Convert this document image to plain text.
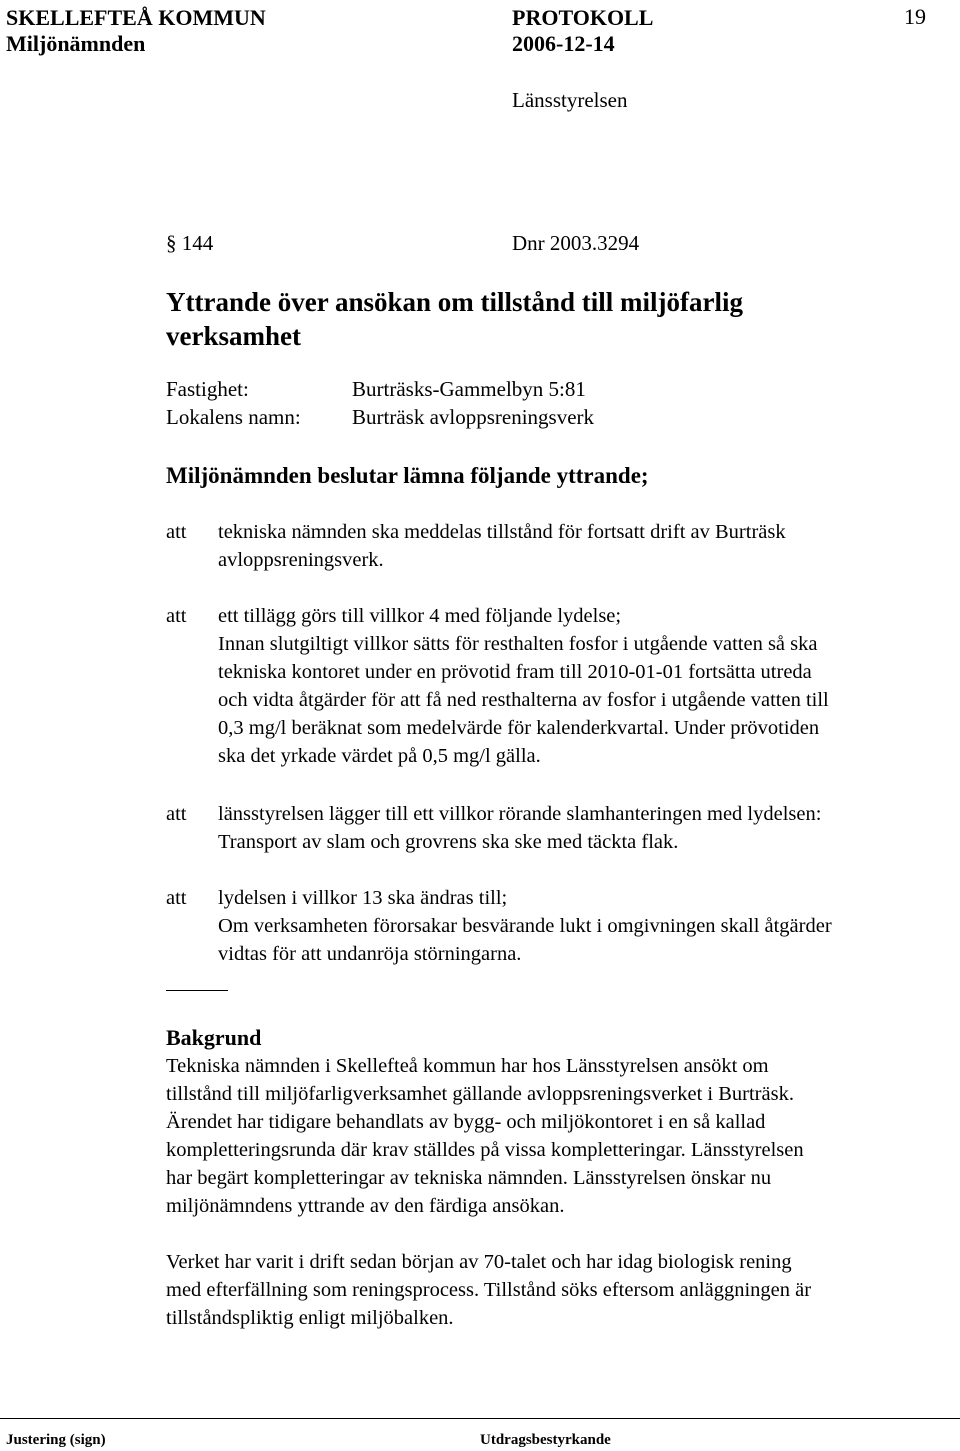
SKELLEFTEÅ KOMMUN	PROTOKOLL	19
Miljönämnden	2006-12-14
Länsstyrelsen
§ 144	Dnr 2003.3294
Yttrande över ansökan om tillstånd till miljöfarlig
verksamhet
Fastighet:	Burträsks-Gammelbyn 5:81
Lokalens namn: Burträsk avloppsreningsverk
Miljönämnden beslutar lämna följande yttrande;
att tekniska nämnden ska meddelas tillstånd för fortsatt drift av Burträsk
avloppsreningsverk.
att ett tillägg görs till villkor 4 med följande lydelse;
Innan slutgiltigt villkor sätts för resthalten fosfor i utgående vatten så ska
tekniska kontoret under en prövotid fram till 2010-01-01 fortsätta utreda
och vidta åtgärder för att få ned resthalterna av fosfor i utgående vatten till
0,3 mg/l beräknat som medelvärde för kalenderkvartal. Under prövotiden
ska det yrkade värdet på 0,5 mg/l gälla.
att länsstyrelsen lägger till ett villkor rörande slamhanteringen med lydelsen:
Transport av slam och grovrens ska ske med täckta flak.
att lydelsen i villkor 13 ska ändras till;
Om verksamheten förorsakar besvärande lukt i omgivningen skall åtgärder
vidtas för att undanröja störningarna.
Bakgrund
Tekniska nämnden i Skellefteå kommun har hos Länsstyrelsen ansökt om
tillstånd till miljöfarligverksamhet gällande avloppsreningsverket i Burträsk.
Ärendet har tidigare behandlats av bygg- och miljökontoret i en så kallad
kompletteringsrunda där krav ställdes på vissa kompletteringar. Länsstyrelsen
har begärt kompletteringar av tekniska nämnden. Länsstyrelsen önskar nu
miljönämndens yttrande av den färdiga ansökan.
Verket har varit i drift sedan början av 70-talet och har idag biologisk rening
med efterfällning som reningsprocess. Tillstånd söks eftersom anläggningen är
tillståndspliktig enligt miljöbalken.
Justering (sign)	Utdragsbestyrkande
